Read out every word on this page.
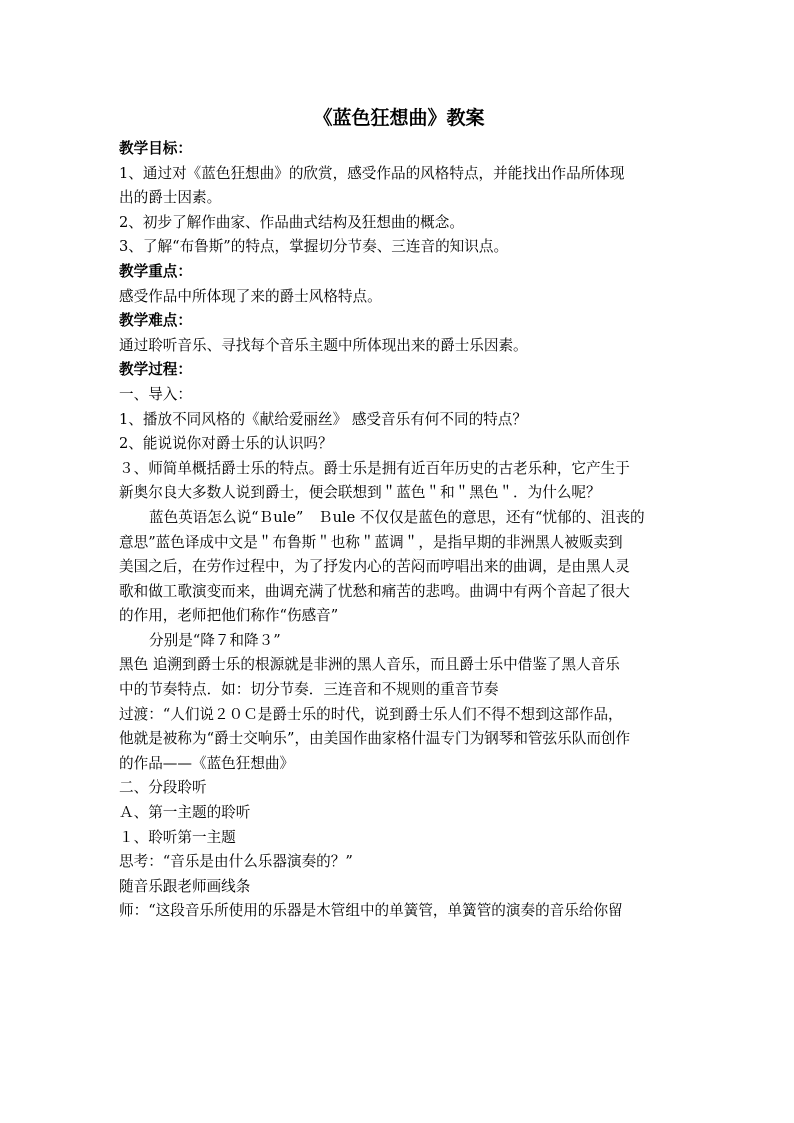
《蓝色狂想曲》教案
教学目标：
1、通过对《蓝色狂想曲》的欣赏，感受作品的风格特点，并能找出作品所体现
出的爵士因素。
2、初步了解作曲家、作品曲式结构及狂想曲的概念。
3、了解“布鲁斯”的特点，掌握切分节奏、三连音的知识点。
教学重点：
感受作品中所体现了来的爵士风格特点。
教学难点：
通过聆听音乐、寻找每个音乐主题中所体现出来的爵士乐因素。
教学过程：
一、导入：
1、播放不同风格的《献给爱丽丝》 感受音乐有何不同的特点？
2、能说说你对爵士乐的认识吗？
３、师简单概括爵士乐的特点。爵士乐是拥有近百年历史的古老乐种，它产生于
新奥尔良大多数人说到爵士，便会联想到＂蓝色＂和＂黑色＂．为什么呢？
蓝色英语怎么说“Ｂule”　Ｂule 不仅仅是蓝色的意思，还有“忧郁的、沮丧的
意思”蓝色译成中文是＂布鲁斯＂也称＂蓝调＂，是指早期的非洲黑人被贩卖到
美国之后，在劳作过程中，为了抒发内心的苦闷而哼唱出来的曲调，是由黑人灵
歌和做工歌演变而来，曲调充满了忧愁和痛苦的悲鸣。曲调中有两个音起了很大
的作用，老师把他们称作“伤感音”
分别是“降７和降３”
黑色 追溯到爵士乐的根源就是非洲的黑人音乐，而且爵士乐中借鉴了黑人音乐
中的节奏特点．如：切分节奏．三连音和不规则的重音节奏
过渡：“人们说２０Ｃ是爵士乐的时代，说到爵士乐人们不得不想到这部作品，
他就是被称为“爵士交响乐”，由美国作曲家格什温专门为钢琴和管弦乐队而创作
的作品——《蓝色狂想曲》
二、分段聆听
Ａ、第一主题的聆听
１、聆听第一主题
思考：“音乐是由什么乐器演奏的？”
随音乐跟老师画线条
师：“这段音乐所使用的乐器是木管组中的单簧管，单簧管的演奏的音乐给你留
